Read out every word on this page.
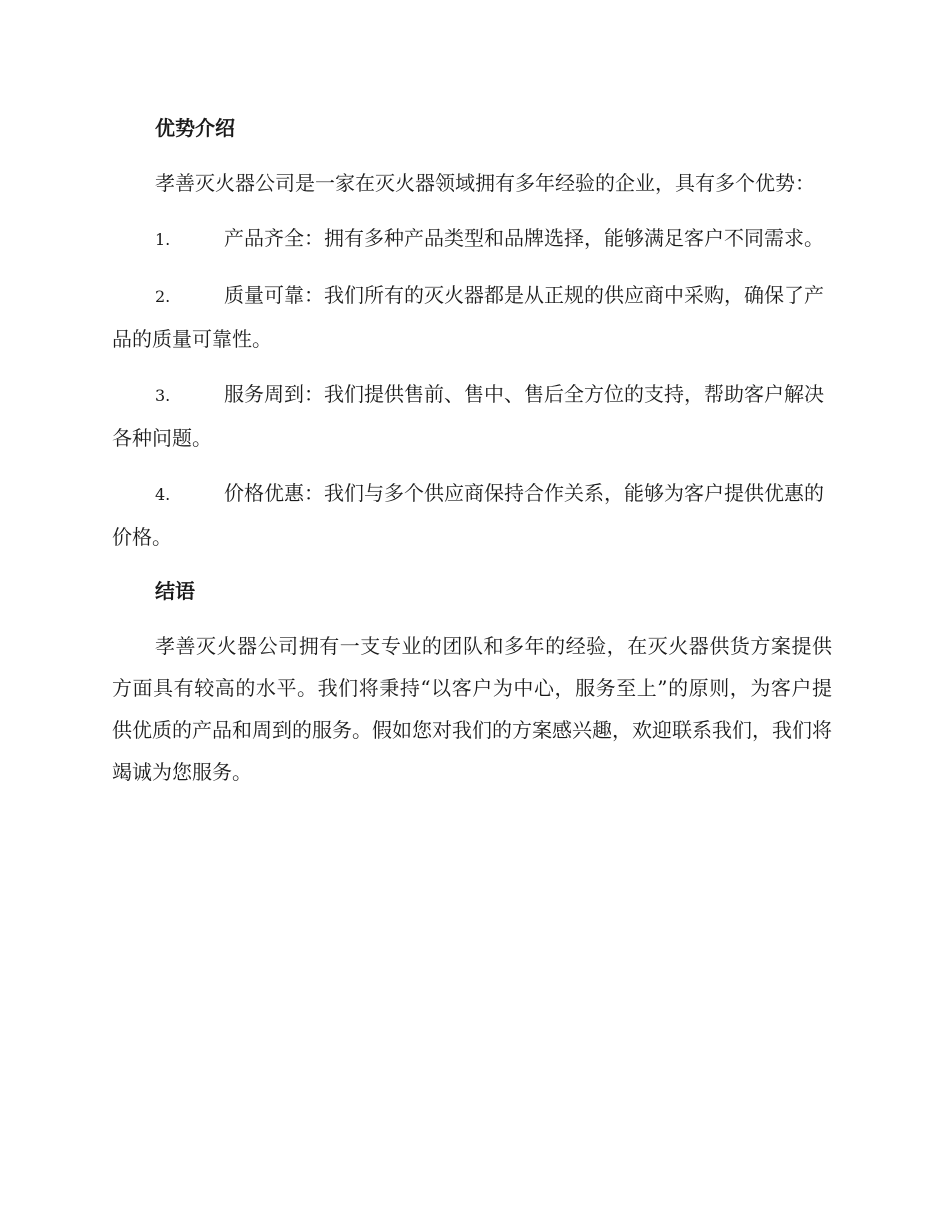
优势介绍

孝善灭火器公司是一家在灭火器领域拥有多年经验的企业，具有多个优势：

1.	产品齐全：拥有多种产品类型和品牌选择，能够满足客户不同需求。

2.	质量可靠：我们所有的灭火器都是从正规的供应商中采购，确保了产品的质量可靠性。

3.	服务周到：我们提供售前、售中、售后全方位的支持，帮助客户解决各种问题。

4.	价格优惠：我们与多个供应商保持合作关系，能够为客户提供优惠的价格。

结语

孝善灭火器公司拥有一支专业的团队和多年的经验，在灭火器供货方案提供方面具有较高的水平。我们将秉持“以客户为中心，服务至上”的原则，为客户提供优质的产品和周到的服务。假如您对我们的方案感兴趣，欢迎联系我们，我们将竭诚为您服务。
